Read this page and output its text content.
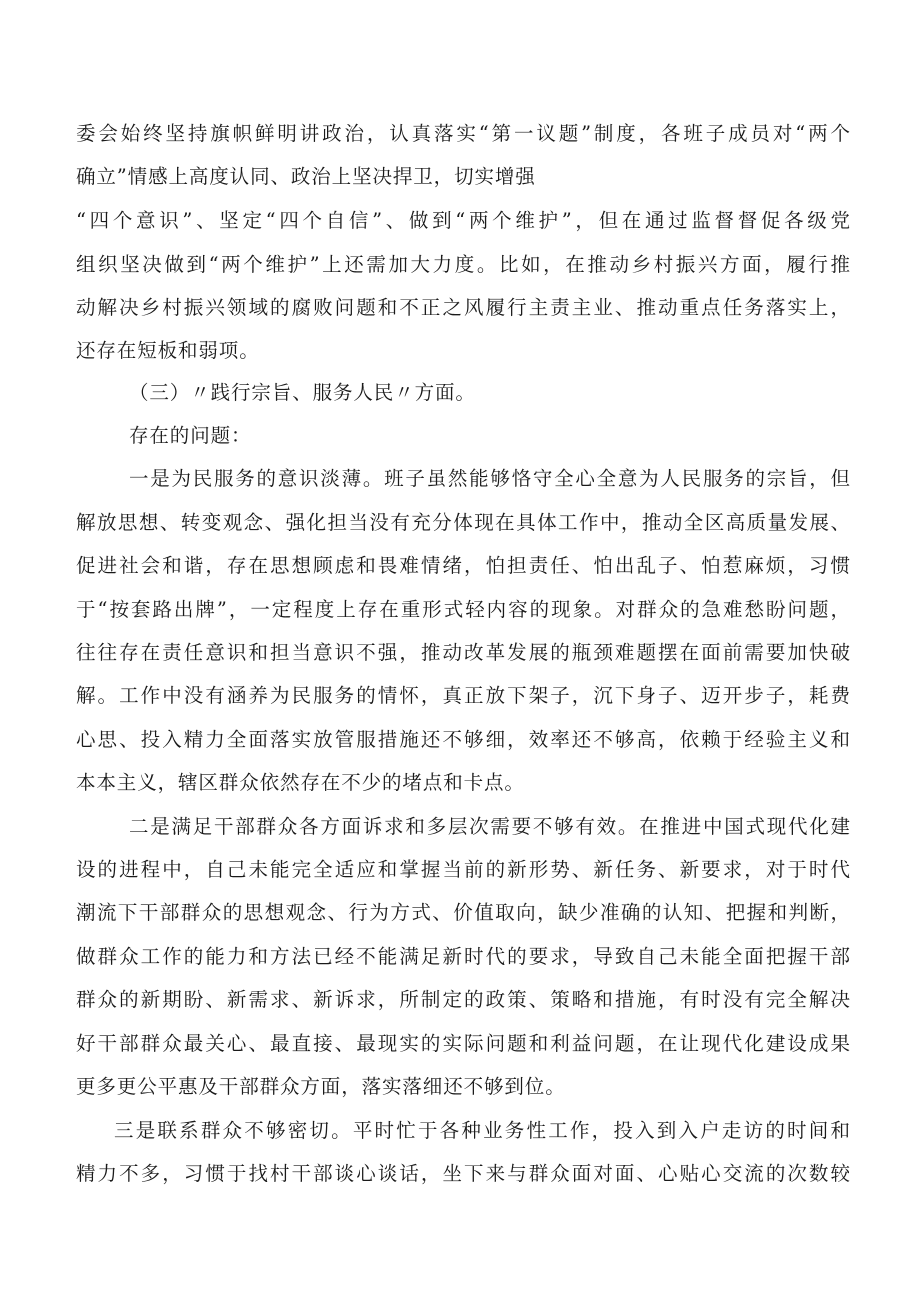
委会始终坚持旗帜鲜明讲政治，认真落实“第一议题”制度，各班子成员对“两个
确立”情感上高度认同、政治上坚决捍卫，切实增强
“四个意识”、坚定“四个自信”、做到“两个维护”，但在通过监督督促各级党
组织坚决做到“两个维护”上还需加大力度。比如，在推动乡村振兴方面，履行推
动解决乡村振兴领域的腐败问题和不正之风履行主责主业、推动重点任务落实上，
还存在短板和弱项。
（三）〃践行宗旨、服务人民〃方面。
存在的问题：
一是为民服务的意识淡薄。班子虽然能够恪守全心全意为人民服务的宗旨，但
解放思想、转变观念、强化担当没有充分体现在具体工作中，推动全区高质量发展、
促进社会和谐，存在思想顾虑和畏难情绪，怕担责任、怕出乱子、怕惹麻烦，习惯
于“按套路出牌”，一定程度上存在重形式轻内容的现象。对群众的急难愁盼问题，
往往存在责任意识和担当意识不强，推动改革发展的瓶颈难题摆在面前需要加快破
解。工作中没有涵养为民服务的情怀，真正放下架子，沉下身子、迈开步子，耗费
心思、投入精力全面落实放管服措施还不够细，效率还不够高，依赖于经验主义和
本本主义，辖区群众依然存在不少的堵点和卡点。
二是满足干部群众各方面诉求和多层次需要不够有效。在推进中国式现代化建
设的进程中，自己未能完全适应和掌握当前的新形势、新任务、新要求，对于时代
潮流下干部群众的思想观念、行为方式、价值取向，缺少准确的认知、把握和判断，
做群众工作的能力和方法已经不能满足新时代的要求，导致自己未能全面把握干部
群众的新期盼、新需求、新诉求，所制定的政策、策略和措施，有时没有完全解决
好干部群众最关心、最直接、最现实的实际问题和利益问题，在让现代化建设成果
更多更公平惠及干部群众方面，落实落细还不够到位。
三是联系群众不够密切。平时忙于各种业务性工作，投入到入户走访的时间和
精力不多，习惯于找村干部谈心谈话，坐下来与群众面对面、心贴心交流的次数较
